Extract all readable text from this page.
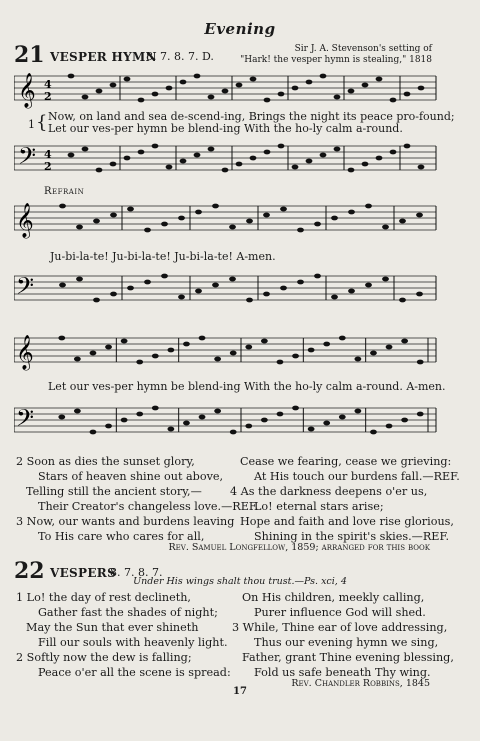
Evening
21 VESPER HYMN
8. 7. 8. 7. D.
Sir J. A. Stevenson's setting of
"Hark! the vesper hymn is stealing," 1818
𝄞
𝄢
4
2
4
2
{
1
Now, on land and sea de-scend-ing, Brings the night its peace pro-found;
Let our ves-per hymn be blend-ing With the ho-ly calm a-round.
Refrain
𝄞
𝄢
Ju-bi-la-te! Ju-bi-la-te! Ju-bi-la-te! A-men.
𝄞
𝄢
Let our ves-per hymn be blend-ing With the ho-ly calm a-round. A-men.
2 Soon as dies the sunset glory,
Stars of heaven shine out above,
Telling still the ancient story,—
Their Creator's changeless love.—REF.
3 Now, our wants and burdens leaving
To His care who cares for all,
Cease we fearing, cease we grieving:
At His touch our burdens fall.—REF.
4 As the darkness deepens o'er us,
Lo! eternal stars arise;
Hope and faith and love rise glorious,
Shining in the spirit's skies.—REF.
Rev. Samuel Longfellow, 1859; arranged for this book
22 VESPERS
8. 7. 8. 7.
Under His wings shalt thou trust.—Ps. xci, 4
1 Lo! the day of rest declineth,
Gather fast the shades of night;
May the Sun that ever shineth
Fill our souls with heavenly light.
2 Softly now the dew is falling;
Peace o'er all the scene is spread:
On His children, meekly calling,
Purer influence God will shed.
3 While, Thine ear of love addressing,
Thus our evening hymn we sing,
Father, grant Thine evening blessing,
Fold us safe beneath Thy wing.
17
Rev. Chandler Robbins, 1845
